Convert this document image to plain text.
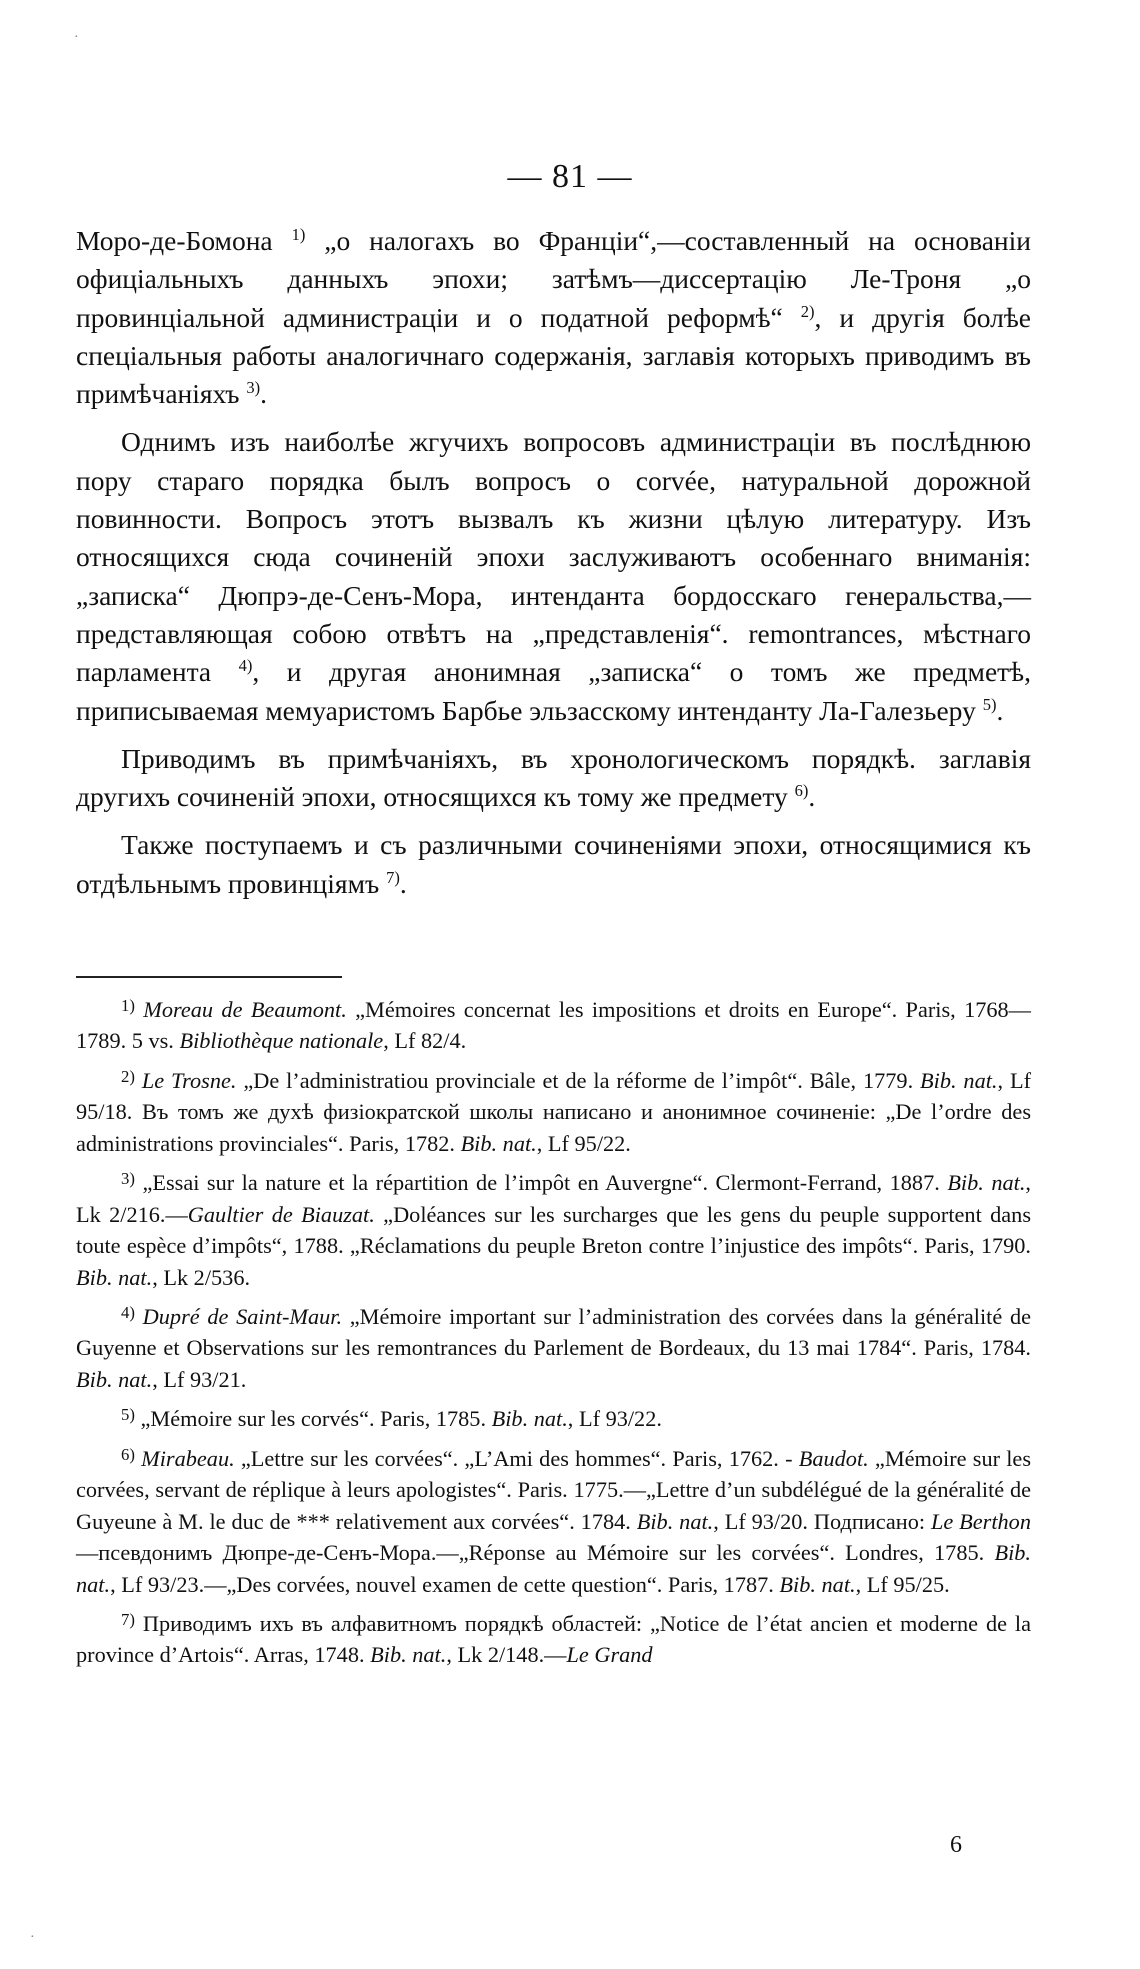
— 81 —

Моро-де-Бомона $^{1)}$ „о налогахъ во Франціи“,—составленный на основаніи офиціальныхъ данныхъ эпохи; затѣмъ—диссертацію Ле-Троня „о провинціальной администраціи и о податной реформѣ“ $^{2)}$, и другія болѣе спеціальныя работы аналогичнаго содержанія, заглавія которыхъ приводимъ въ примѣчаніяхъ $^{3)}$.

Однимъ изъ наиболѣе жгучихъ вопросовъ администраціи въ послѣднюю пору стараго порядка былъ вопросъ о corvée, натуральной дорожной повинности. Вопросъ этотъ вызвалъ къ жизни цѣлую литературу. Изъ относящихся сюда сочиненій эпохи заслуживаютъ особеннаго вниманія: „записка“ Дюпрэ-де-Сенъ-Мора, интенданта бордосскаго генеральства,—представляющая собою отвѣтъ на „представленія“. remontrances, мѣстнаго парламента $^{4)}$, и другая анонимная „записка“ о томъ же предметѣ, приписываемая мемуаристомъ Барбье эльзасскому интенданту Ла-Галезьеру $^{5)}$.

Приводимъ въ примѣчаніяхъ, въ хронологическомъ порядкѣ. заглавія другихъ сочиненій эпохи, относящихся къ тому же предмету $^{6)}$.

Также поступаемъ и съ различными сочиненіями эпохи, относящимися къ отдѣльнымъ провинціямъ $^{7)}$.

$^{1)}$ Moreau de Beaumont. „Mémoires concernat les impositions et droits en Europe“. Paris, 1768—1789. 5 vs. Bibliothèque nationale, Lf 82/4.

$^{2)}$ Le Trosne. „De l’administratiou provinciale et de la réforme de l’impôt“. Bâle, 1779. Bib. nat., Lf 95/18. Въ томъ же духѣ физіократской школы написано и анонимное сочиненіе: „De l’ordre des administrations provinciales“. Paris, 1782. Bib. nat., Lf 95/22.

$^{3)}$ „Essai sur la nature et la répartition de l’impôt en Auvergne“. Clermont-Ferrand, 1887. Bib. nat., Lk 2/216.—Gaultier de Biauzat. „Doléances sur les surcharges que les gens du peuple supportent dans toute espèce d’impôts“, 1788. „Réclamations du peuple Breton contre l’injustice des impôts“. Paris, 1790. Bib. nat., Lk 2/536.

$^{4)}$ Dupré de Saint-Maur. „Mémoire important sur l’administration des corvées dans la généralité de Guyenne et Observations sur les remontrances du Parlement de Bordeaux, du 13 mai 1784“. Paris, 1784. Bib. nat., Lf 93/21.

$^{5)}$ „Mémoire sur les corvés“. Paris, 1785. Bib. nat., Lf 93/22.

$^{6)}$ Mirabeau. „Lettre sur les corvées“. „L’Ami des hommes“. Paris, 1762. - Baudot. „Mémoire sur les corvées, servant de réplique à leurs apologistes“. Paris. 1775.—„Lettre d’un subdélégué de la généralité de Guyeune à M. le duc de *** relativement aux corvées“. 1784. Bib. nat., Lf 93/20. Подписано: Le Berthon—псевдонимъ Дюпре-де-Сенъ-Мора.—„Réponse au Mémoire sur les corvées“. Londres, 1785. Bib. nat., Lf 93/23.—„Des corvées, nouvel examen de cette question“. Paris, 1787. Bib. nat., Lf 95/25.

$^{7)}$ Приводимъ ихъ въ алфавитномъ порядкѣ областей: „Notice de l’état ancien et moderne de la province d’Artois“. Arras, 1748. Bib. nat., Lk 2/148.—Le Grand

6
·
·
